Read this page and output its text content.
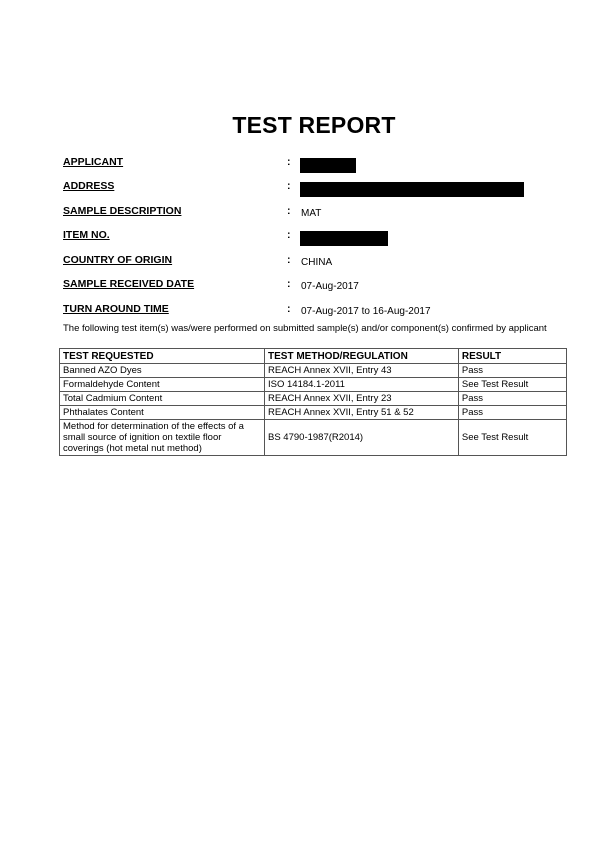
TEST REPORT
APPLICANT	:
ADDRESS	:
SAMPLE DESCRIPTION	: MAT
ITEM NO.	:
COUNTRY OF ORIGIN	: CHINA
SAMPLE RECEIVED DATE	: 07-Aug-2017
TURN AROUND TIME	: 07-Aug-2017 to 16-Aug-2017
The following test item(s) was/were performed on submitted sample(s) and/or component(s) confirmed by applicant
TEST REQUESTED	TEST METHOD/REGULATION	RESULT
Banned AZO Dyes	REACH Annex XVII, Entry 43	Pass
Formaldehyde Content	ISO 14184.1-2011	See Test Result
Total Cadmium Content	REACH Annex XVII, Entry 23	Pass
Phthalates Content	REACH Annex XVII, Entry 51 & 52	Pass
Method for determination of the effects of a small source of ignition on textile floor coverings (hot metal nut method)	BS 4790-1987(R2014)	See Test Result
